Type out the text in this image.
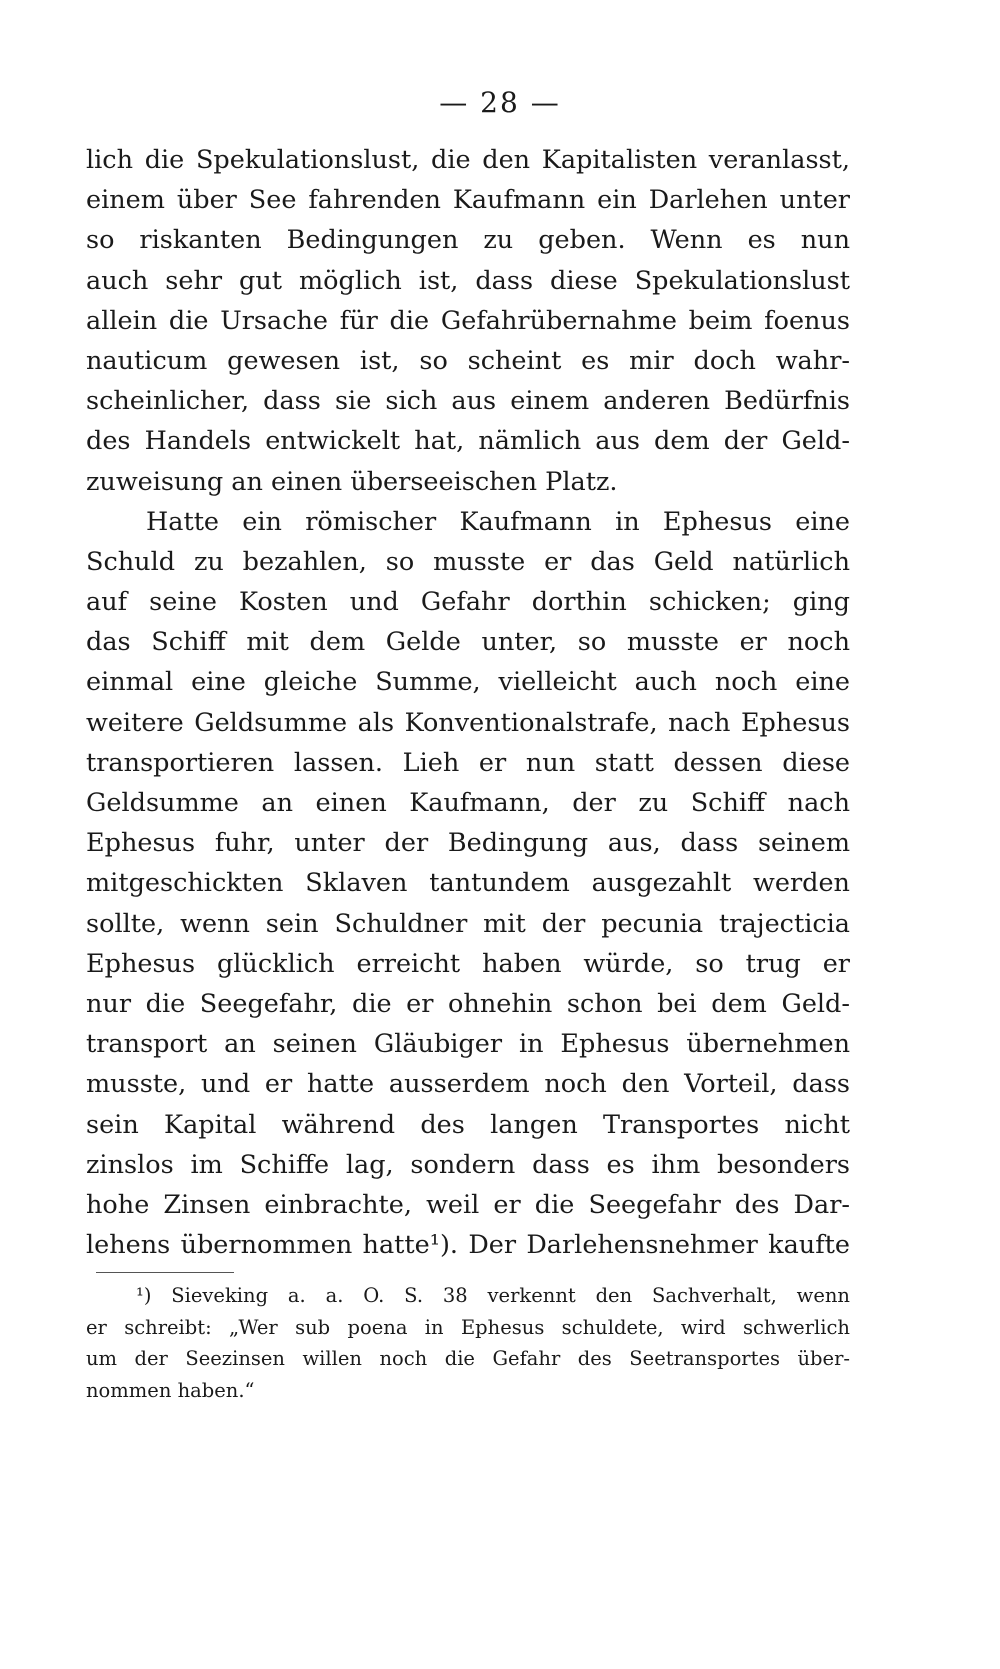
— 28 —
lich die Spekulationslust, die den Kapitalisten veranlasst,
einem über See fahrenden Kaufmann ein Darlehen unter
so riskanten Bedingungen zu geben. Wenn es nun
auch sehr gut möglich ist, dass diese Spekulationslust
allein die Ursache für die Gefahrübernahme beim foenus
nauticum gewesen ist, so scheint es mir doch wahr-
scheinlicher, dass sie sich aus einem anderen Bedürfnis
des Handels entwickelt hat, nämlich aus dem der Geld-
zuweisung an einen überseeischen Platz.
Hatte ein römischer Kaufmann in Ephesus eine
Schuld zu bezahlen, so musste er das Geld natürlich
auf seine Kosten und Gefahr dorthin schicken; ging
das Schiff mit dem Gelde unter, so musste er noch
einmal eine gleiche Summe, vielleicht auch noch eine
weitere Geldsumme als Konventionalstrafe, nach Ephesus
transportieren lassen. Lieh er nun statt dessen diese
Geldsumme an einen Kaufmann, der zu Schiff nach
Ephesus fuhr, unter der Bedingung aus, dass seinem
mitgeschickten Sklaven tantundem ausgezahlt werden
sollte, wenn sein Schuldner mit der pecunia trajecticia
Ephesus glücklich erreicht haben würde, so trug er
nur die Seegefahr, die er ohnehin schon bei dem Geld-
transport an seinen Gläubiger in Ephesus übernehmen
musste, und er hatte ausserdem noch den Vorteil, dass
sein Kapital während des langen Transportes nicht
zinslos im Schiffe lag, sondern dass es ihm besonders
hohe Zinsen einbrachte, weil er die Seegefahr des Dar-
lehens übernommen hatte¹). Der Darlehensnehmer kaufte
¹) Sieveking a. a. O. S. 38 verkennt den Sachverhalt, wenn
er schreibt: „Wer sub poena in Ephesus schuldete, wird schwerlich
um der Seezinsen willen noch die Gefahr des Seetransportes über-
nommen haben.“
